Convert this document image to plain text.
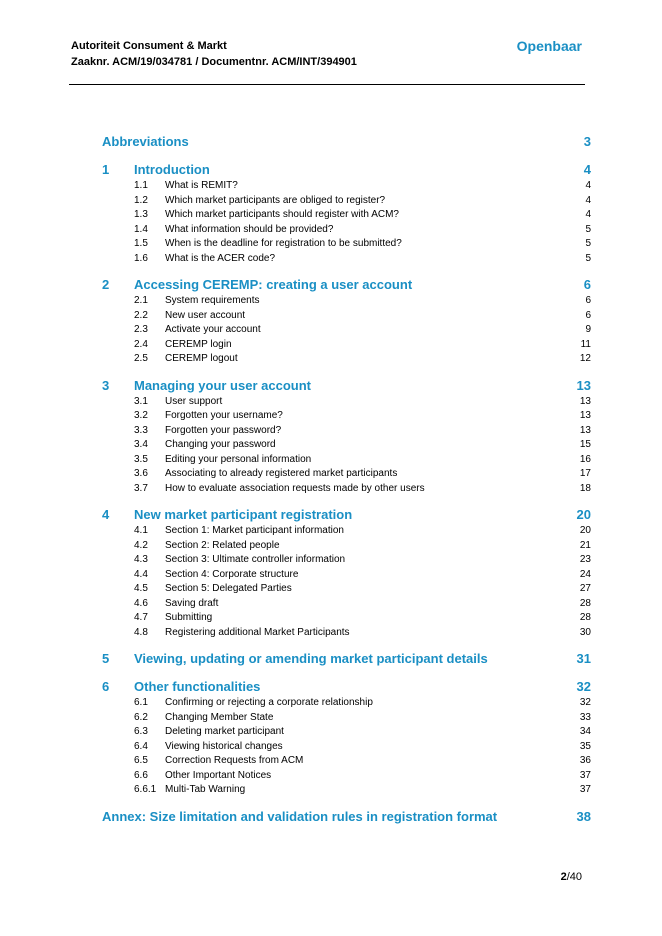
Autoriteit Consument & Markt
Zaaknr. ACM/19/034781 / Documentnr. ACM/INT/394901
Openbaar
Abbreviations	3
1	Introduction	4
1.1	What is REMIT?	4
1.2	Which market participants are obliged to register?	4
1.3	Which market participants should register with ACM?	4
1.4	What information should be provided?	5
1.5	When is the deadline for registration to be submitted?	5
1.6	What is the ACER code?	5
2	Accessing CEREMP: creating a user account	6
2.1	System requirements	6
2.2	New user account	6
2.3	Activate your account	9
2.4	CEREMP login	11
2.5	CEREMP logout	12
3	Managing your user account	13
3.1	User support	13
3.2	Forgotten your username?	13
3.3	Forgotten your password?	13
3.4	Changing your password	15
3.5	Editing your personal information	16
3.6	Associating to already registered market participants	17
3.7	How to evaluate association requests made by other users	18
4	New market participant registration	20
4.1	Section 1: Market participant information	20
4.2	Section 2: Related people	21
4.3	Section 3: Ultimate controller information	23
4.4	Section 4: Corporate structure	24
4.5	Section 5: Delegated Parties	27
4.6	Saving draft	28
4.7	Submitting	28
4.8	Registering additional Market Participants	30
5	Viewing, updating or amending market participant details	31
6	Other functionalities	32
6.1	Confirming or rejecting a corporate relationship	32
6.2	Changing Member State	33
6.3	Deleting market participant	34
6.4	Viewing historical changes	35
6.5	Correction Requests from ACM	36
6.6	Other Important Notices	37
6.6.1 Multi-Tab Warning	37
Annex: Size limitation and validation rules in registration format	38
2/40
